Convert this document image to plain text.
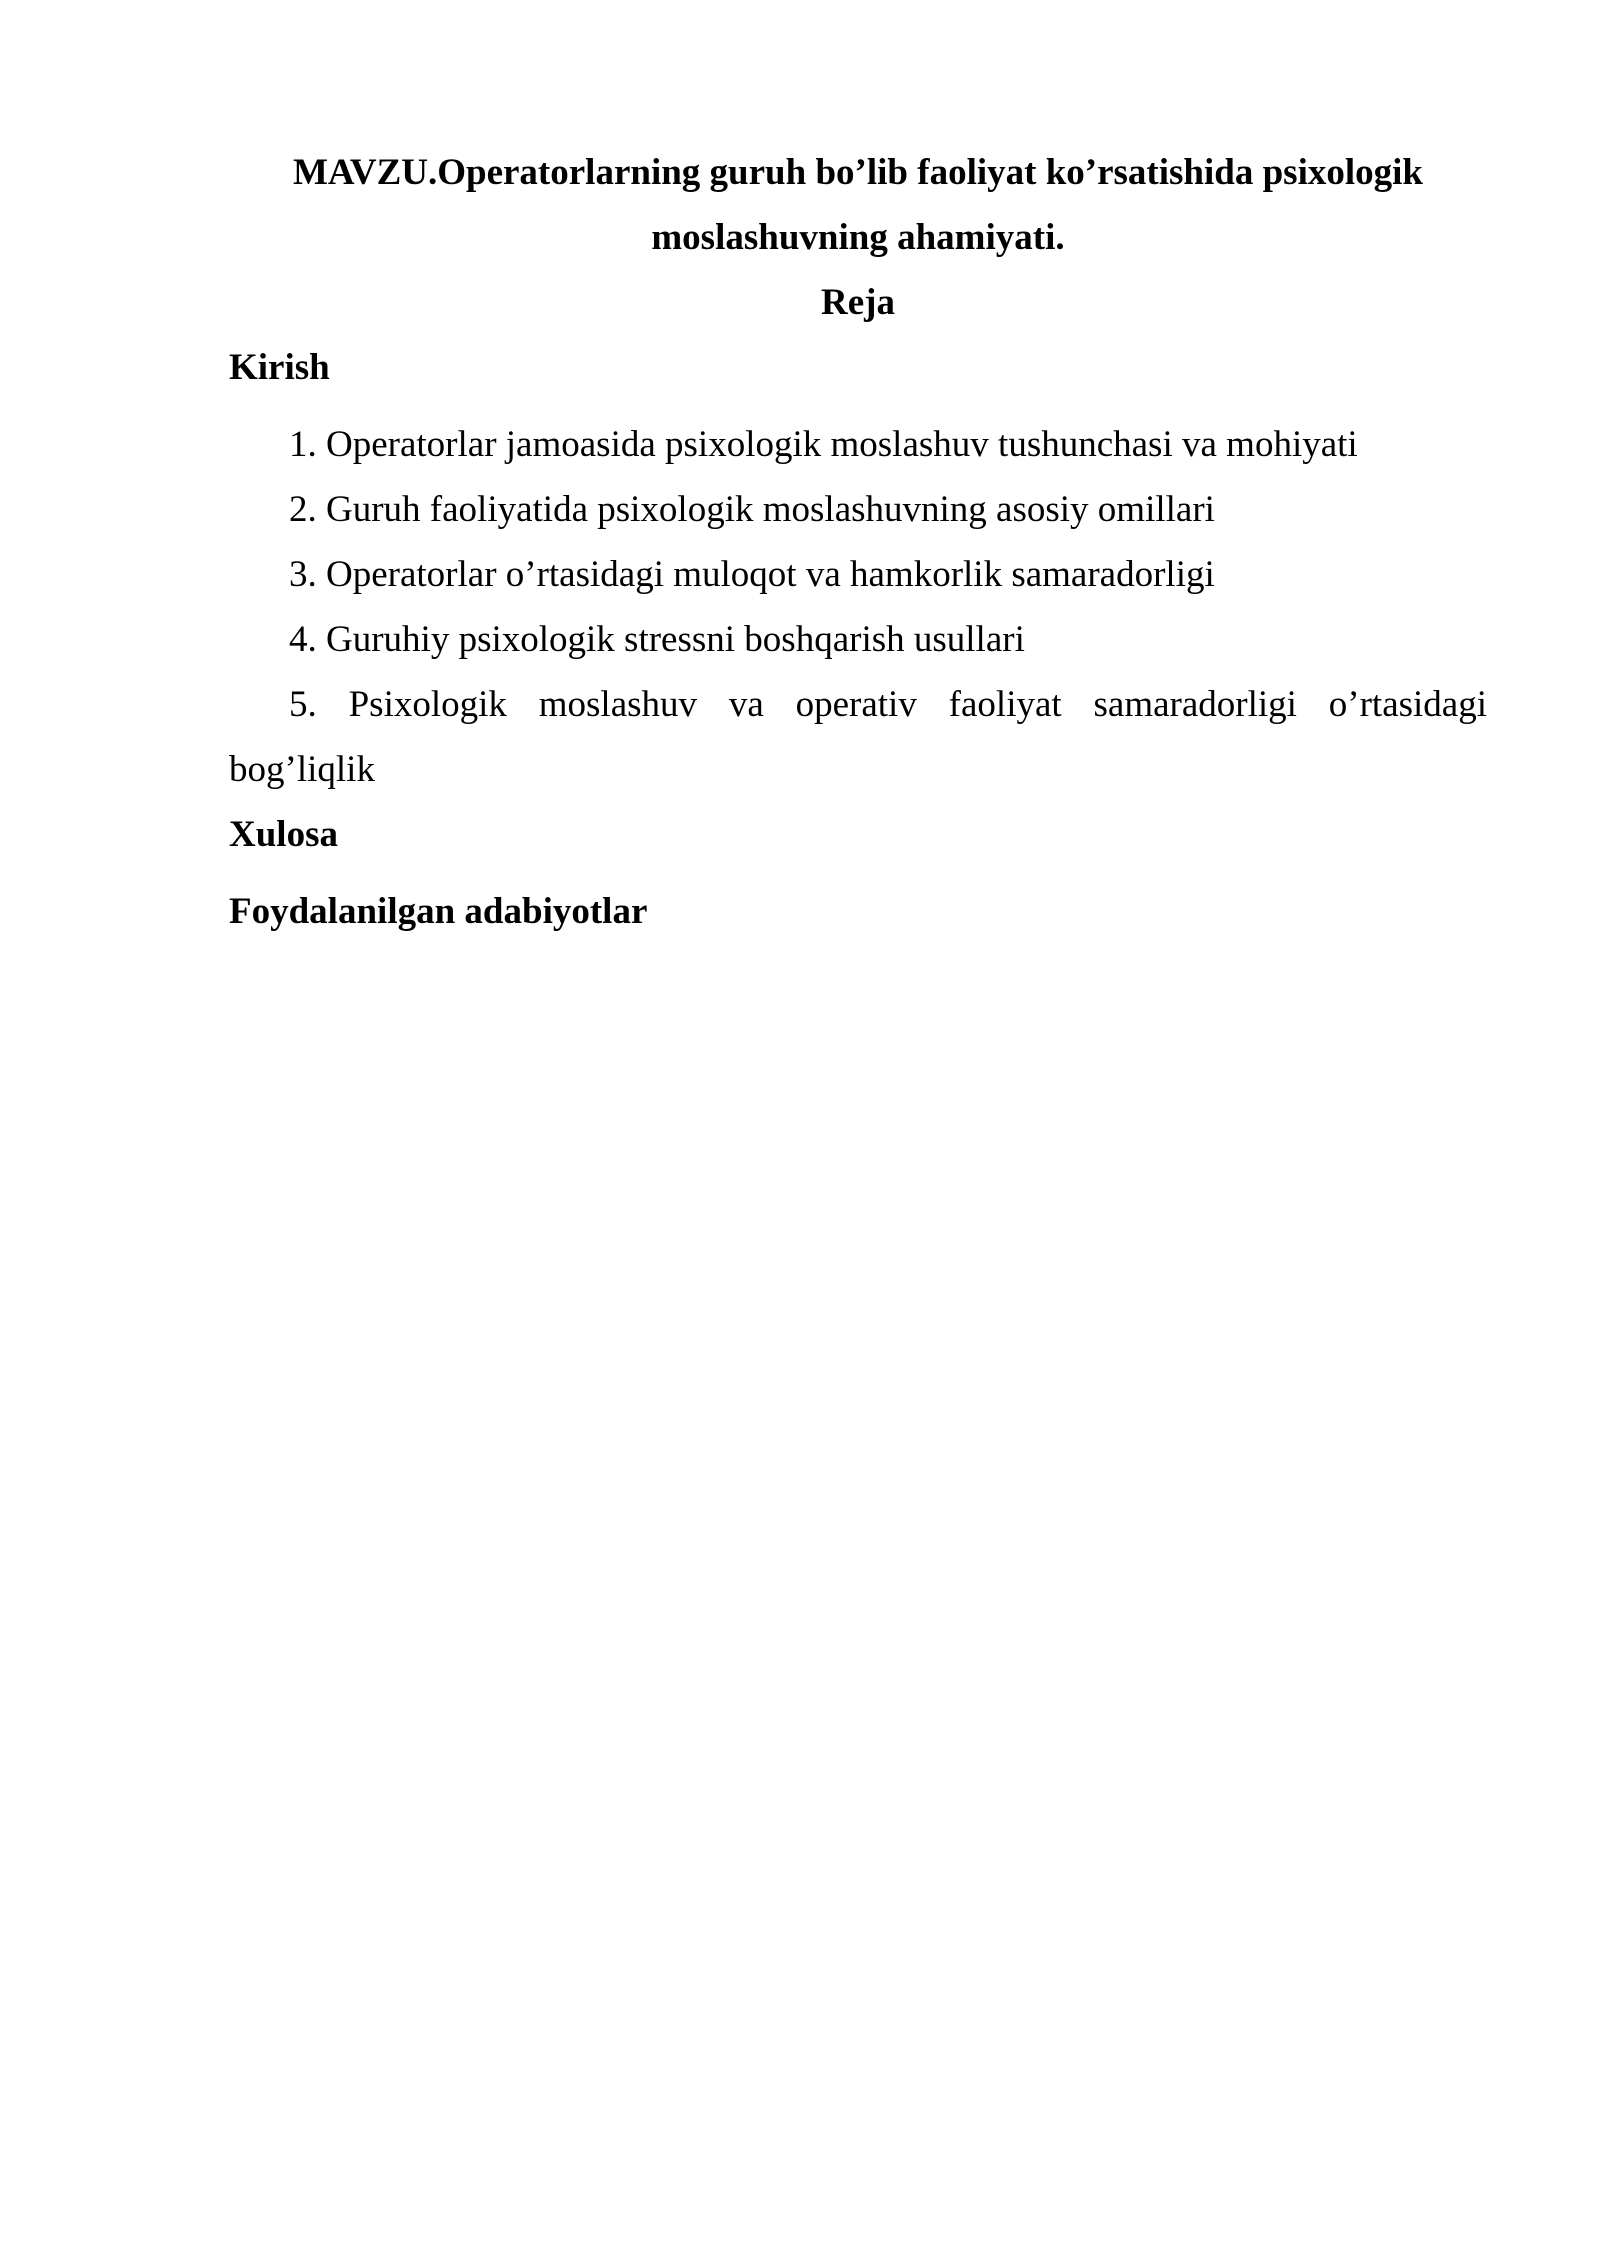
MAVZU.Operatorlarning guruh bo’lib faoliyat ko’rsatishida psixologik
moslashuvning ahamiyati.

Reja

Kirish

1. Operatorlar jamoasida psixologik moslashuv tushunchasi va mohiyati
2. Guruh faoliyatida psixologik moslashuvning asosiy omillari
3. Operatorlar o’rtasidagi muloqot va hamkorlik samaradorligi
4. Guruhiy psixologik stressni boshqarish usullari
5. Psixologik moslashuv va operativ faoliyat samaradorligi o’rtasidagi
bog’liqlik

Xulosa

Foydalanilgan adabiyotlar
